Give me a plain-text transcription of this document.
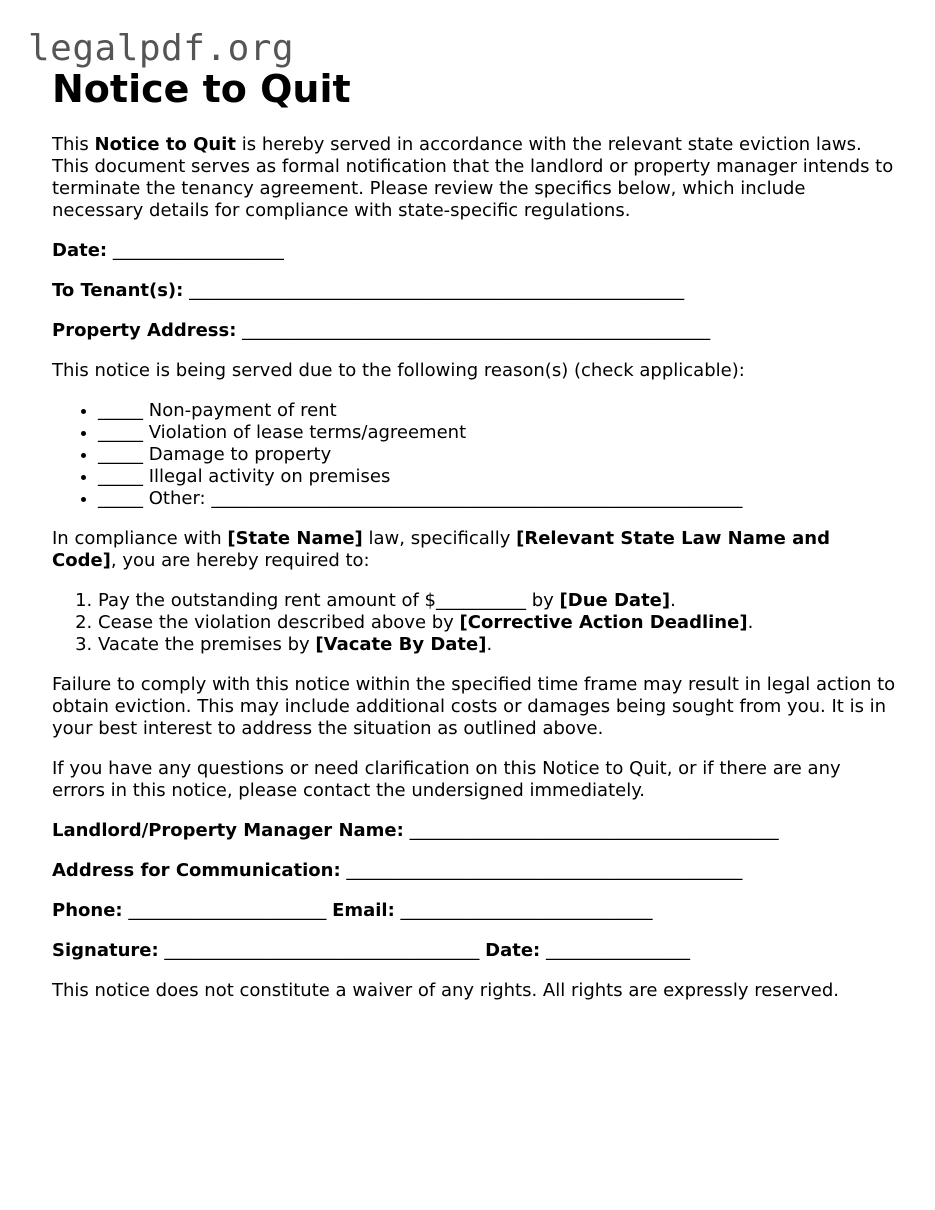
legalpdf.org
Notice to Quit

This Notice to Quit is hereby served in accordance with the relevant state eviction laws. This document serves as formal notification that the landlord or property manager intends to terminate the tenancy agreement. Please review the specifics below, which include necessary details for compliance with state-specific regulations.

Date: ___________________

To Tenant(s): _______________________________________________________

Property Address: ____________________________________________________

This notice is being served due to the following reason(s) (check applicable):

• _____ Non-payment of rent
• _____ Violation of lease terms/agreement
• _____ Damage to property
• _____ Illegal activity on premises
• _____ Other: ___________________________________________________________

In compliance with [State Name] law, specifically [Relevant State Law Name and Code], you are hereby required to:

1. Pay the outstanding rent amount of $__________ by [Due Date].
2. Cease the violation described above by [Corrective Action Deadline].
3. Vacate the premises by [Vacate By Date].

Failure to comply with this notice within the specified time frame may result in legal action to obtain eviction. This may include additional costs or damages being sought from you. It is in your best interest to address the situation as outlined above.

If you have any questions or need clarification on this Notice to Quit, or if there are any errors in this notice, please contact the undersigned immediately.

Landlord/Property Manager Name: _________________________________________

Address for Communication: ____________________________________________

Phone: ______________________ Email: ____________________________

Signature: ___________________________________ Date: ________________

This notice does not constitute a waiver of any rights. All rights are expressly reserved.
